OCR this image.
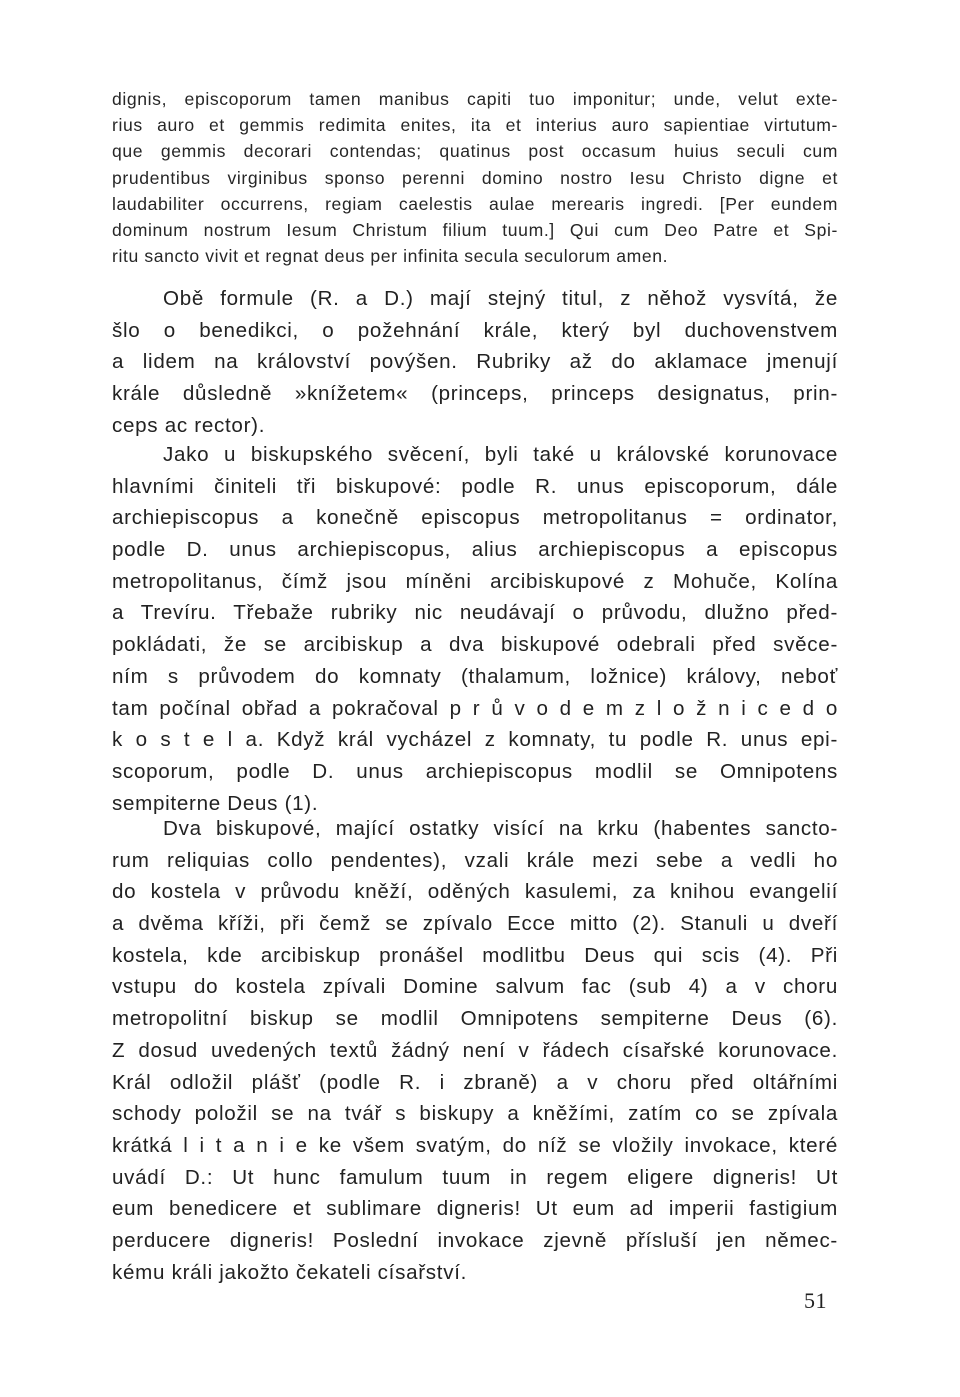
dignis, episcoporum tamen manibus capiti tuo imponitur; unde, velut exte-
rius auro et gemmis redimita enites, ita et interius auro sapientiae virtutum-
que gemmis decorari contendas; quatinus post occasum huius seculi cum
prudentibus virginibus sponso perenni domino nostro Iesu Christo digne et
laudabiliter occurrens, regiam caelestis aulae merearis ingredi. [Per eundem
dominum nostrum Iesum Christum filium tuum.] Qui cum Deo Patre et Spi-
ritu sancto vivit et regnat deus per infinita secula seculorum amen.
Obě formule (R. a D.) mají stejný titul, z něhož vysvítá, že
šlo o benedikci, o požehnání krále, který byl duchovenstvem
a lidem na království povýšen. Rubriky až do aklamace jmenují
krále důsledně »knížetem« (princeps, princeps designatus, prin-
ceps ac rector).
Jako u biskupského svěcení, byli také u královské korunovace
hlavními činiteli tři biskupové: podle R. unus episcoporum, dále
archiepiscopus a konečně episcopus metropolitanus = ordinator,
podle D. unus archiepiscopus, alius archiepiscopus a episcopus
metropolitanus, čímž jsou míněni arcibiskupové z Mohuče, Kolína
a Trevíru. Třebaže rubriky nic neudávají o průvodu, dlužno před-
pokládati, že se arcibiskup a dva biskupové odebrali před svěce-
ním s průvodem do komnaty (thalamum, ložnice) královy, neboť
tam počínal obřad a pokračoval p r ů v o d e m z l o ž n i c e d o
k o s t e l a. Když král vycházel z komnaty, tu podle R. unus epi-
scoporum, podle D. unus archiepiscopus modlil se Omnipotens
sempiterne Deus (1).
Dva biskupové, mající ostatky visící na krku (habentes sancto-
rum reliquias collo pendentes), vzali krále mezi sebe a vedli ho
do kostela v průvodu kněží, oděných kasulemi, za knihou evangelií
a dvěma kříži, při čemž se zpívalo Ecce mitto (2). Stanuli u dveří
kostela, kde arcibiskup pronášel modlitbu Deus qui scis (4). Při
vstupu do kostela zpívali Domine salvum fac (sub 4) a v choru
metropolitní biskup se modlil Omnipotens sempiterne Deus (6).
Z dosud uvedených textů žádný není v řádech císařské korunovace.
Král odložil plášť (podle R. i zbraně) a v choru před oltářními
schody položil se na tvář s biskupy a kněžími, zatím co se zpívala
krátká l i t a n i e ke všem svatým, do níž se vložily invokace, které
uvádí D.: Ut hunc famulum tuum in regem eligere digneris! Ut
eum benedicere et sublimare digneris! Ut eum ad imperii fastigium
perducere digneris! Poslední invokace zjevně přísluší jen němec-
kému králi jakožto čekateli císařství.
51
